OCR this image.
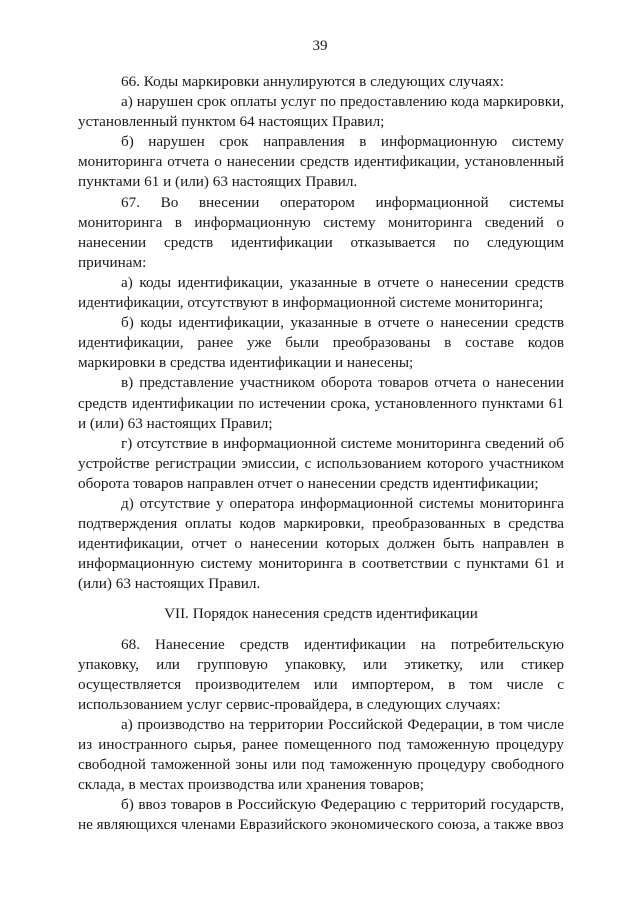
39

66. Коды маркировки аннулируются в следующих случаях:

а) нарушен срок оплаты услуг по предоставлению кода маркировки, установленный пунктом 64 настоящих Правил;

б) нарушен срок направления в информационную систему мониторинга отчета о нанесении средств идентификации, установленный пунктами 61 и (или) 63 настоящих Правил.

67. Во внесении оператором информационной системы мониторинга в информационную систему мониторинга сведений о нанесении средств идентификации отказывается по следующим причинам:

а) коды идентификации, указанные в отчете о нанесении средств идентификации, отсутствуют в информационной системе мониторинга;

б) коды идентификации, указанные в отчете о нанесении средств идентификации, ранее уже были преобразованы в составе кодов маркировки в средства идентификации и нанесены;

в) представление участником оборота товаров отчета о нанесении средств идентификации по истечении срока, установленного пунктами 61 и (или) 63 настоящих Правил;

г) отсутствие в информационной системе мониторинга сведений об устройстве регистрации эмиссии, с использованием которого участником оборота товаров направлен отчет о нанесении средств идентификации;

д) отсутствие у оператора информационной системы мониторинга подтверждения оплаты кодов маркировки, преобразованных в средства идентификации, отчет о нанесении которых должен быть направлен в информационную систему мониторинга в соответствии с пунктами 61 и (или) 63 настоящих Правил.

VII. Порядок нанесения средств идентификации

68. Нанесение средств идентификации на потребительскую упаковку, или групповую упаковку, или этикетку, или стикер осуществляется производителем или импортером, в том числе с использованием услуг сервис-провайдера, в следующих случаях:

а) производство на территории Российской Федерации, в том числе из иностранного сырья, ранее помещенного под таможенную процедуру свободной таможенной зоны или под таможенную процедуру свободного склада, в местах производства или хранения товаров;

б) ввоз товаров в Российскую Федерацию с территорий государств, не являющихся членами Евразийского экономического союза, а также ввоз
